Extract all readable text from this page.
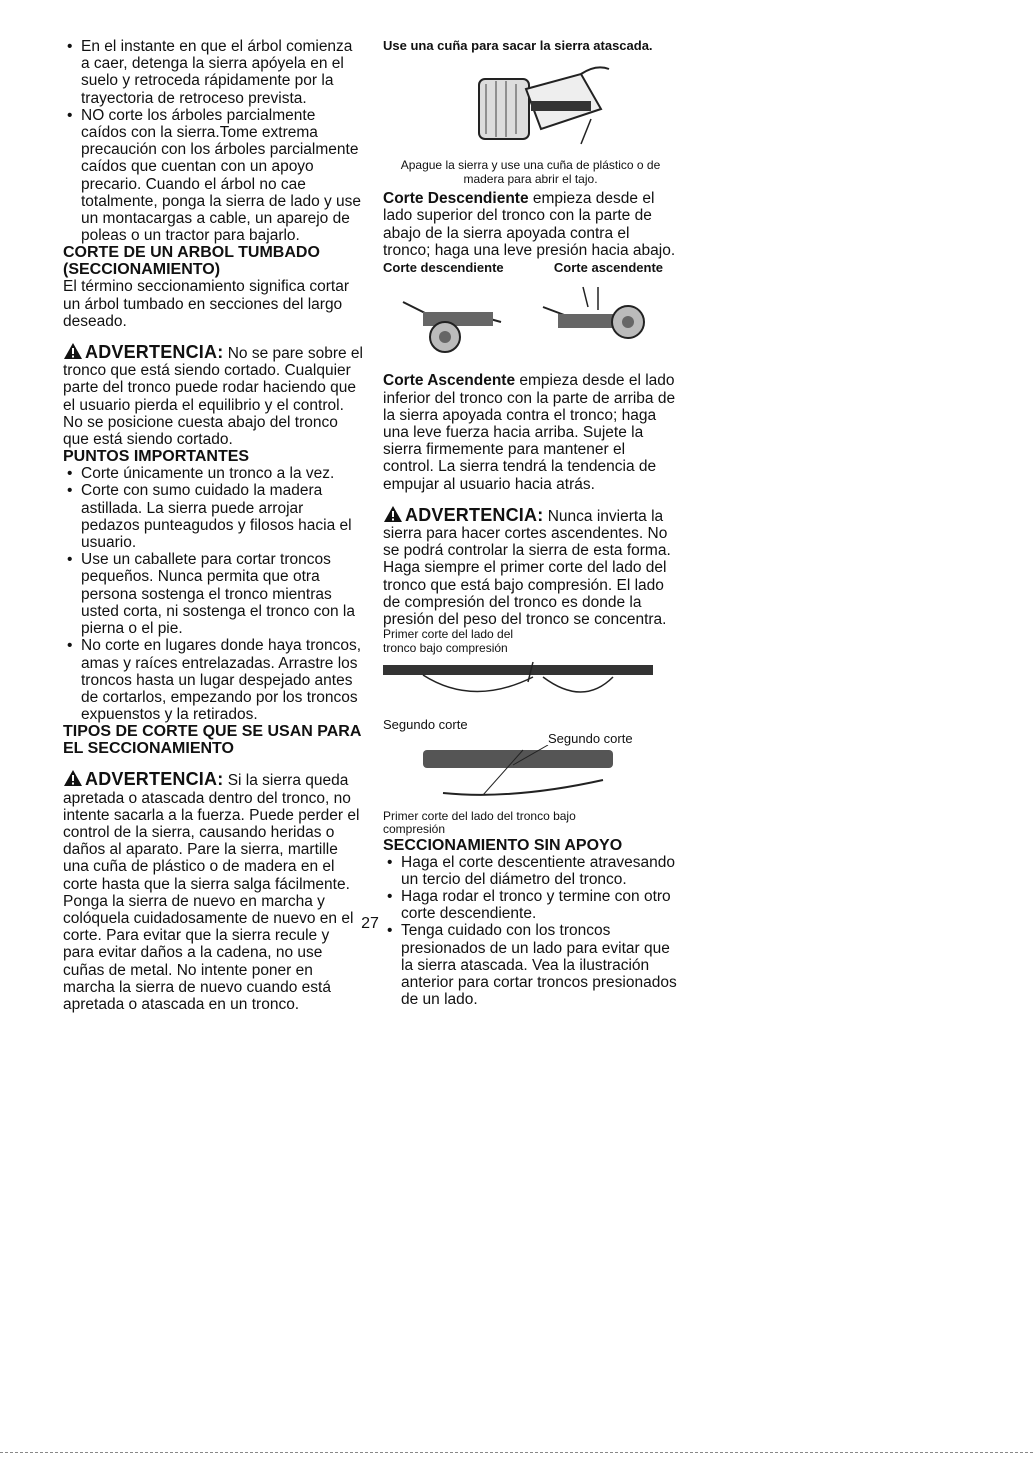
• En el instante en que el árbol comienza a caer, detenga la sierra apóyela en el suelo y retroceda rápidamente por la trayectoria de retroceso prevista.
• NO corte los árboles parcialmente caídos con la sierra.Tome extrema precaución con los árboles parcialmente caídos que cuentan con un apoyo precario. Cuando el árbol no cae totalmente, ponga la sierra de lado y use un montacargas a cable, un aparejo de poleas o un tractor para bajarlo.

CORTE DE UN ARBOL TUMBADO (SECCIONAMIENTO)

El término seccionamiento significa cortar un árbol tumbado en secciones del largo deseado.

ADVERTENCIA: No se pare sobre el tronco que está siendo cortado. Cualquier parte del tronco puede rodar haciendo que el usuario pierda el equilibrio y el control. No se posicione cuesta abajo del tronco que está siendo cortado.

PUNTOS IMPORTANTES

• Corte únicamente un tronco a la vez.
• Corte con sumo cuidado la madera astillada. La sierra puede arrojar pedazos punteagudos y filosos hacia el usuario.
• Use un caballete para cortar troncos pequeños. Nunca permita que otra persona sostenga el tronco mientras usted corta, ni sostenga el tronco con la pierna o el pie.
• No corte en lugares donde haya troncos, amas y raíces entrelazadas. Arrastre los troncos hasta un lugar despejado antes de cortarlos, empezando por los troncos expuenstos y la retirados.

TIPOS DE CORTE QUE SE USAN PARA EL SECCIONAMIENTO

ADVERTENCIA: Si la sierra queda apretada o atascada dentro del tronco, no intente sacarla a la fuerza. Puede perder el control de la sierra, causando heridas o daños al aparato. Pare la sierra, martille una cuña de plástico o de madera en el corte hasta que la sierra salga fácilmente. Ponga la sierra de nuevo en marcha y colóquela cuidadosamente de nuevo en el corte. Para evitar que la sierra recule y para evitar daños a la cadena, no use cuñas de metal. No intente poner en marcha la sierra de nuevo cuando está apretada o atascada en un tronco.

Use una cuña para sacar la sierra atascada.

Apague la sierra y use una cuña de plástico o de madera para abrir el tajo.

Corte Descendiente empieza desde el lado superior del tronco con la parte de abajo de la sierra apoyada contra el tronco; haga una leve presión hacia abajo.

Corte descendiente	Corte ascendente

Corte Ascendente empieza desde el lado inferior del tronco con la parte de arriba de la sierra apoyada contra el tronco; haga una leve fuerza hacia arriba. Sujete la sierra firmemente para mantener el control. La sierra tendrá la tendencia de empujar al usuario hacia atrás.

ADVERTENCIA: Nunca invierta la sierra para hacer cortes ascendentes. No se podrá controlar la sierra de esta forma.

Haga siempre el primer corte del lado del tronco que está bajo compresión. El lado de compresión del tronco es donde la presión del peso del tronco se concentra.

Primer corte del lado del tronco bajo compresión

Segundo corte

Segundo corte

Primer corte del lado del tronco bajo compresión

SECCIONAMIENTO SIN APOYO

• Haga el corte descentiente atravesando un tercio del diámetro del tronco.
• Haga rodar el tronco y termine con otro corte descendiente.
• Tenga cuidado con los troncos presionados de un lado para evitar que la sierra atascada. Vea la ilustración anterior para cortar troncos presionados de un lado.
27
